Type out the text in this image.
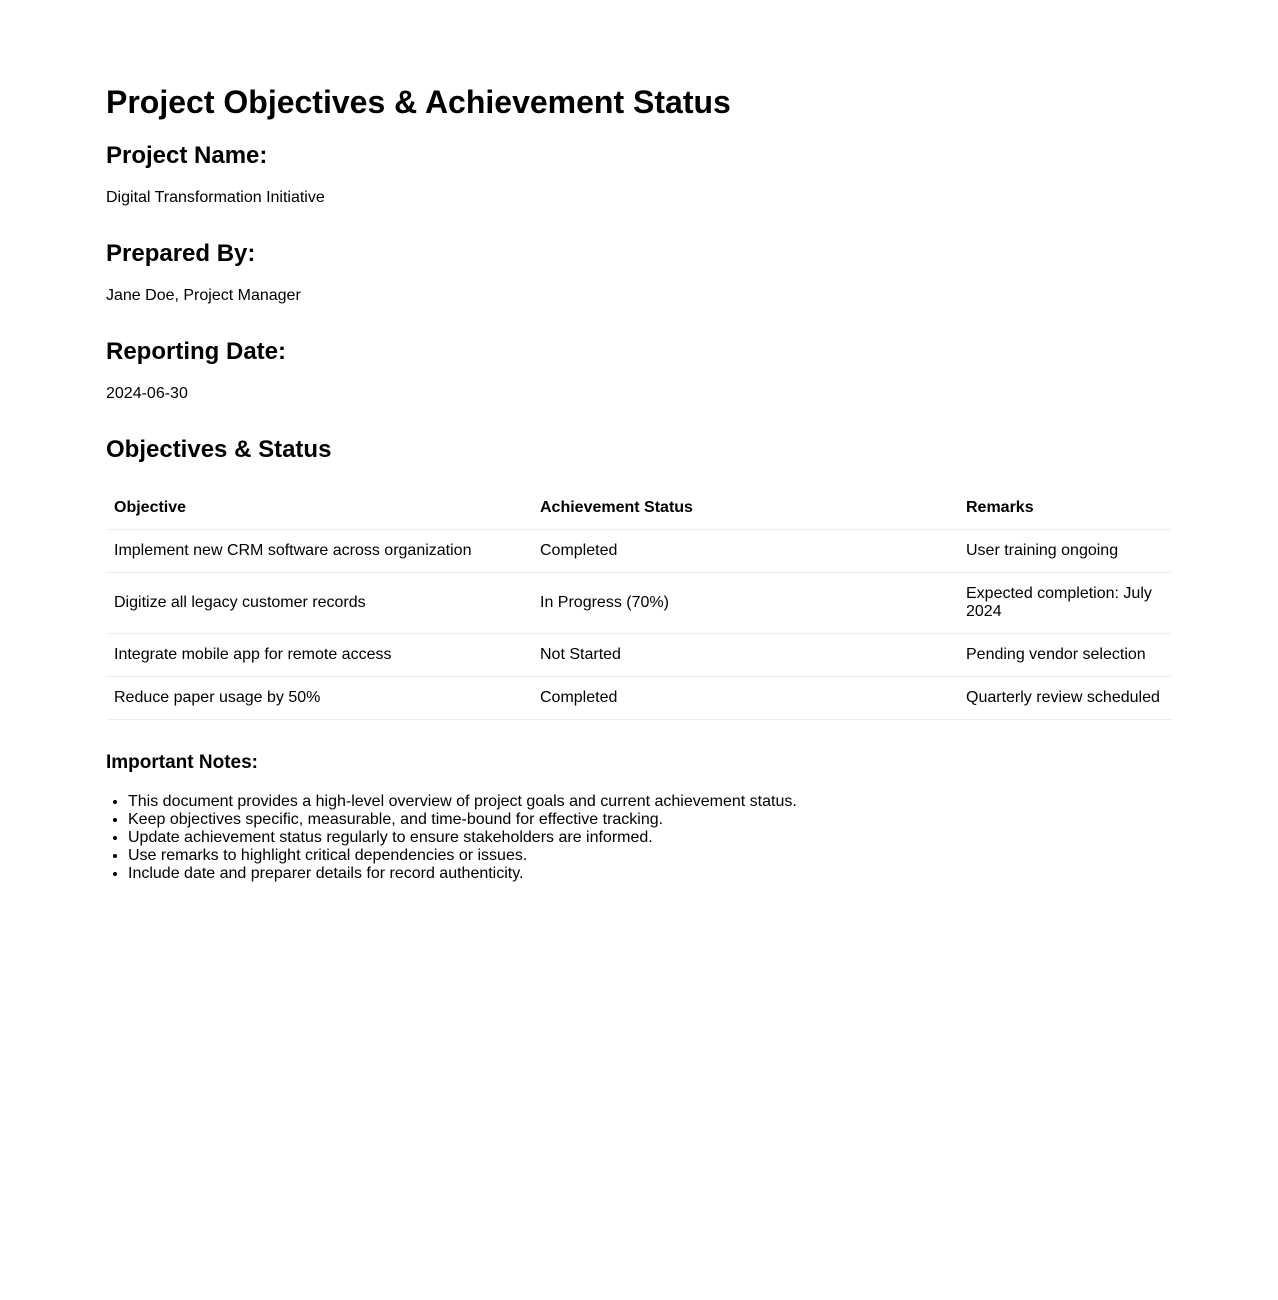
Project Objectives & Achievement Status
Project Name:

Digital Transformation Initiative

Prepared By:

Jane Doe, Project Manager

Reporting Date:

2024-06-30

Objectives & Status
Objective	Achievement Status	Remarks
Implement new CRM software across organization	Completed	User training ongoing
Digitize all legacy customer records	In Progress (70%)	Expected completion: July 2024
Integrate mobile app for remote access	Not Started	Pending vendor selection
Reduce paper usage by 50%	Completed	Quarterly review scheduled
Important Notes:
• This document provides a high-level overview of project goals and current achievement status.
• Keep objectives specific, measurable, and time-bound for effective tracking.
• Update achievement status regularly to ensure stakeholders are informed.
• Use remarks to highlight critical dependencies or issues.
• Include date and preparer details for record authenticity.
